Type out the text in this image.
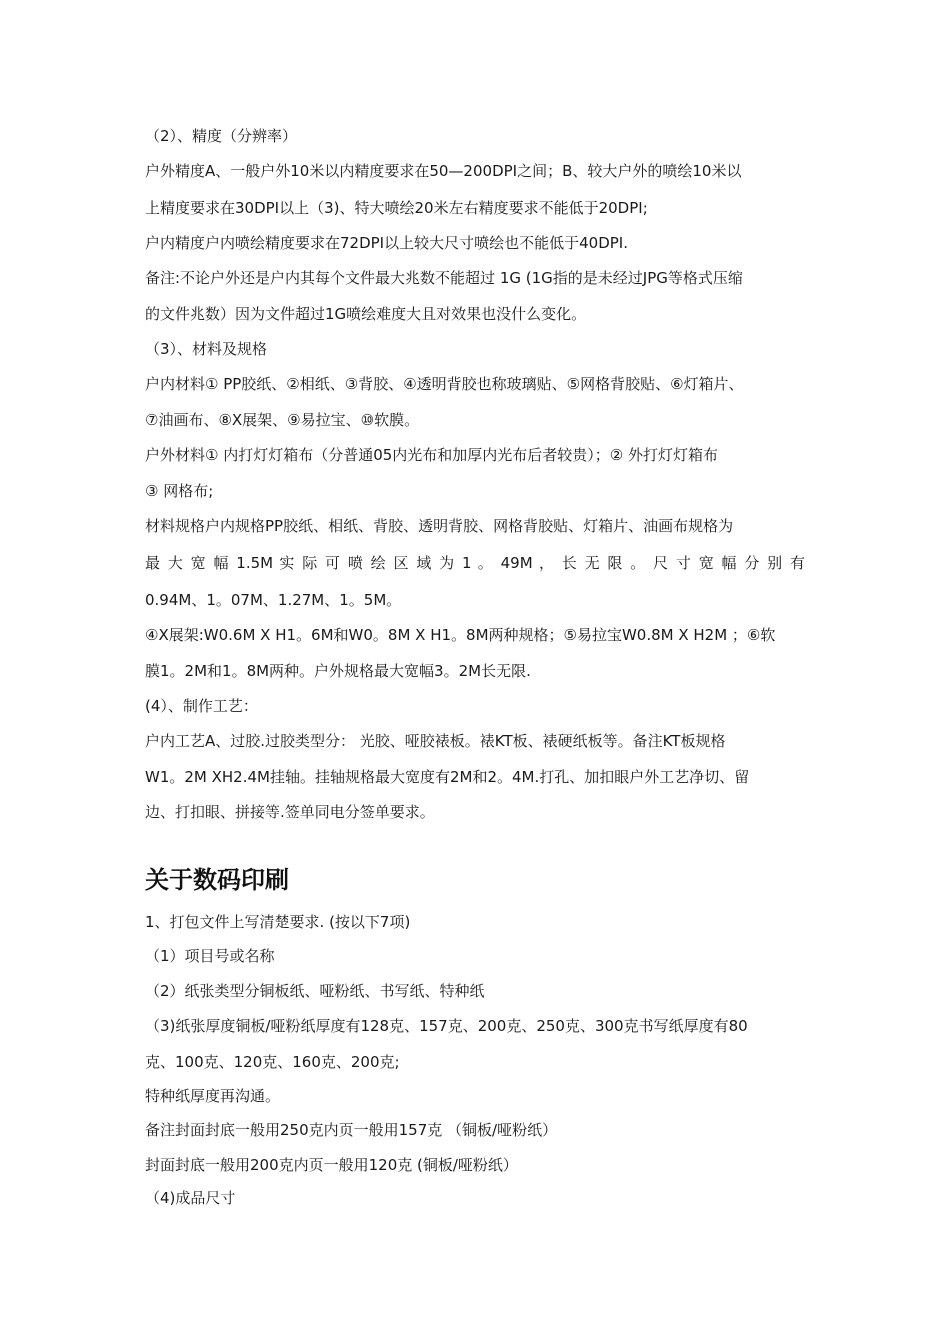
（2）、精度（分辨率）
户外精度A、一般户外10米以内精度要求在50—200DPI之间；B、较大户外的喷绘10米以
上精度要求在30DPI以上（3)、特大喷绘20米左右精度要求不能低于20DPI;
户内精度户内喷绘精度要求在72DPI以上较大尺寸喷绘也不能低于40DPI.
备注:不论户外还是户内其每个文件最大兆数不能超过 1G (1G指的是未经过JPG等格式压缩
的文件兆数）因为文件超过1G喷绘难度大且对效果也没什么变化。
（3）、材料及规格
户内材料① PP胶纸、②相纸、③背胶、④透明背胶也称玻璃贴、⑤网格背胶贴、⑥灯箱片、
⑦油画布、⑧X展架、⑨易拉宝、⑩软膜。
户外材料① 内打灯灯箱布（分普通05内光布和加厚内光布后者较贵）；② 外打灯灯箱布
③ 网格布;
材料规格户内规格PP胶纸、相纸、背胶、透明背胶、网格背胶贴、灯箱片、油画布规格为
最 大 宽 幅 1.5M 实 际 可 喷 绘 区 域 为 1 。 49M ， 长 无 限 。 尺 寸 宽 幅 分 别 有
0.94M、1。07M、1.27M、1。5M。
④X展架:W0.6M X H1。6M和W0。8M X H1。8M两种规格；⑤易拉宝W0.8M X H2M ；⑥软
膜1。2M和1。8M两种。户外规格最大宽幅3。2M长无限.
(4）、制作工艺：
户内工艺A、过胶.过胶类型分： 光胶、哑胶裱板。裱KT板、裱硬纸板等。备注KT板规格
W1。2M XH2.4M挂轴。挂轴规格最大宽度有2M和2。4M.打孔、加扣眼户外工艺净切、留
边、打扣眼、拼接等.签单同电分签单要求。
关于数码印刷
1、打包文件上写清楚要求. (按以下7项)
（1）项目号或名称
（2）纸张类型分铜板纸、哑粉纸、书写纸、特种纸
（3)纸张厚度铜板/哑粉纸厚度有128克、157克、200克、250克、300克书写纸厚度有80
克、100克、120克、160克、200克;
特种纸厚度再沟通。
备注封面封底一般用250克内页一般用157克 （铜板/哑粉纸）
封面封底一般用200克内页一般用120克 (铜板/哑粉纸）
（4)成品尺寸
